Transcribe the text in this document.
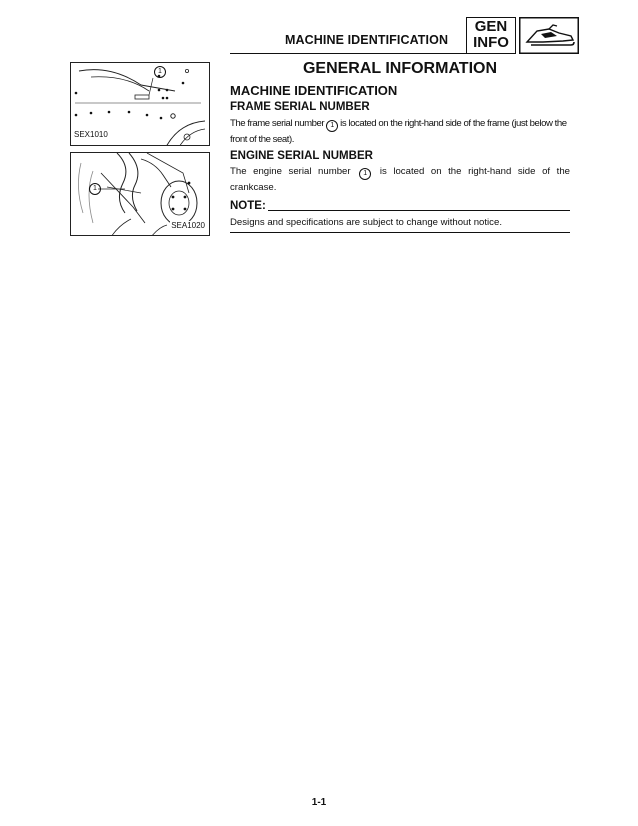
MACHINE IDENTIFICATION
GEN
INFO
1
SEX1010
1
SEA1020
GENERAL INFORMATION
MACHINE IDENTIFICATION
FRAME SERIAL NUMBER
The frame serial number 1 is located on the right-hand side of the frame (just below the front of the seat).
ENGINE SERIAL NUMBER
The engine serial number 1 is located on the right-hand side of the crankcase.
NOTE:
Designs and specifications are subject to change without notice.
1-1
